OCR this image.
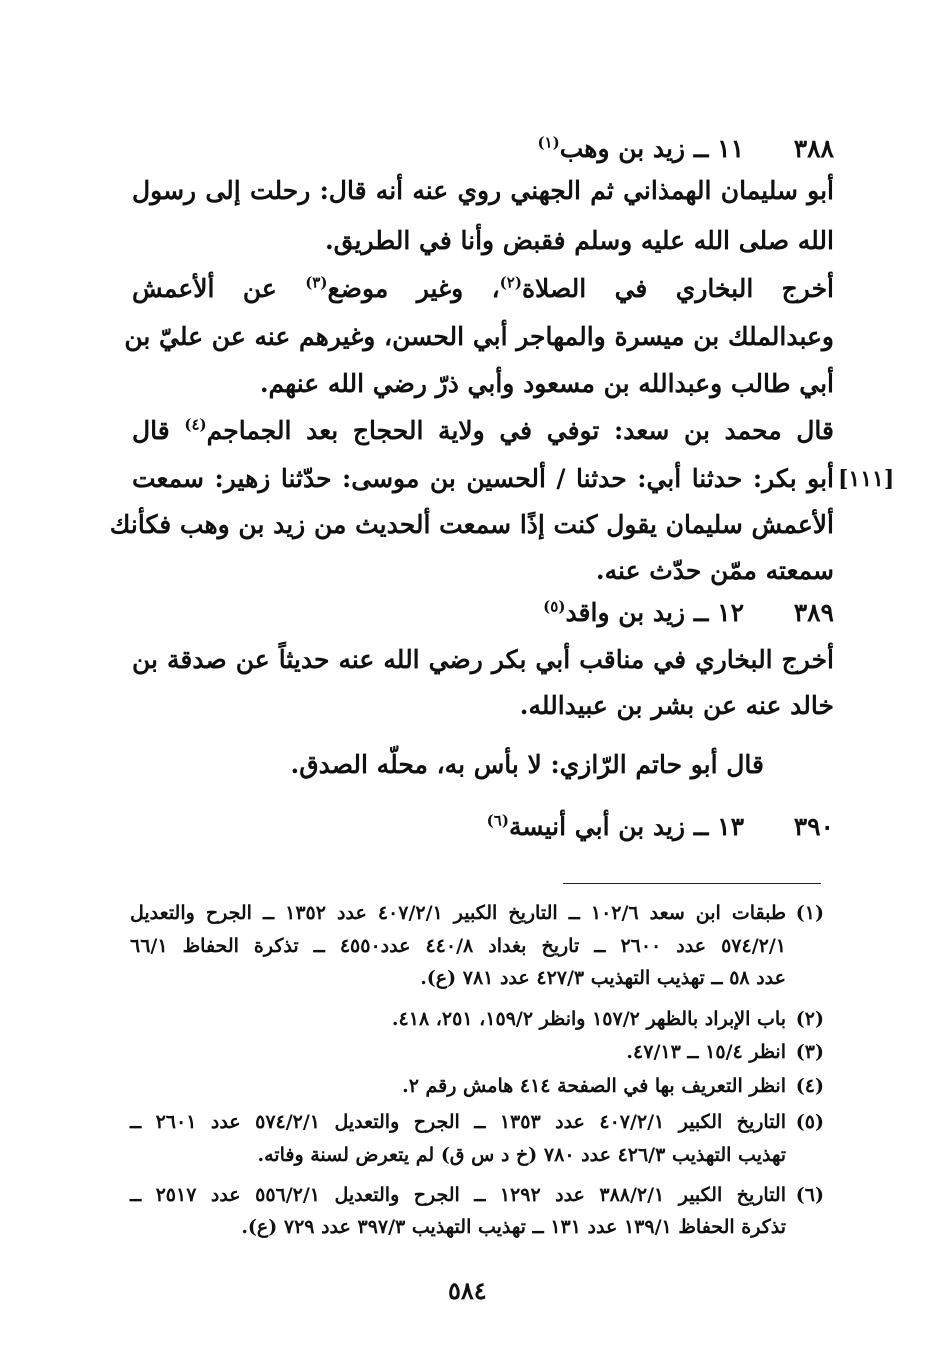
٣٨٨
١١ ــ زيد بن وهب$^{(١)}$
أبو سليمان الهمذاني ثم الجهني روي عنه أنه قال: رحلت إلى رسول
الله صلى الله عليه وسلم فقبض وأنا في الطريق.
أخرج البخاري في الصلاة$^{(٢)}$، وغير موضع$^{(٣)}$ عن ألأعمش
وعبدالملك بن ميسرة والمهاجر أبي الحسن، وغيرهم عنه عن عليّ بن
أبي طالب وعبدالله بن مسعود وأبي ذرّ رضي الله عنهم.
قال محمد بن سعد: توفي في ولاية الحجاج بعد الجماجم$^{(٤)}$ قال
[١١١]
أبو بكر: حدثنا أبي: حدثنا / ألحسين بن موسى: حدّثنا زهير: سمعت
ألأعمش سليمان يقول كنت إذًا سمعت ألحديث من زيد بن وهب فكأنك
سمعته ممّن حدّث عنه.
٣٨٩
١٢ ــ زيد بن واقد$^{(٥)}$
أخرج البخاري في مناقب أبي بكر رضي الله عنه حديثاً عن صدقة بن
خالد عنه عن بشر بن عبيدالله.
قال أبو حاتم الرّازي: لا بأس به، محلّه الصدق.
٣٩٠
١٣ ــ زيد بن أبي أنيسة$^{(٦)}$
(١)
طبقات ابن سعد ١٠٢/٦ ــ التاريخ الكبير ٤٠٧/٢/١ عدد ١٣٥٢ ــ الجرح والتعديل
٥٧٤/٢/١ عدد ٢٦٠٠ ــ تاريخ بغداد ٤٤٠/٨ عدد٤٥٥٠ ــ تذكرة الحفاظ ٦٦/١
عدد ٥٨ ــ تهذيب التهذيب ٤٢٧/٣ عدد ٧٨١ (ع).
(٢)
باب الإبراد بالظهر ١٥٧/٢ وانظر ١٥٩/٢، ٢٥١، ٤١٨.
(٣)
انظر ١٥/٤ ــ ٤٧/١٣.
(٤)
انظر التعريف بها في الصفحة ٤١٤ هامش رقم ٢.
(٥)
التاريخ الكبير ٤٠٧/٢/١ عدد ١٣٥٣ ــ الجرح والتعديل ٥٧٤/٢/١ عدد ٢٦٠١ ــ
تهذيب التهذيب ٤٢٦/٣ عدد ٧٨٠ (خ د س ق) لم يتعرض لسنة وفاته.
(٦)
التاريخ الكبير ٣٨٨/٢/١ عدد ١٢٩٢ ــ الجرح والتعديل ٥٥٦/٢/١ عدد ٢٥١٧ ــ
تذكرة الحفاظ ١٣٩/١ عدد ١٣١ ــ تهذيب التهذيب ٣٩٧/٣ عدد ٧٢٩ (ع).
٥٨٤
